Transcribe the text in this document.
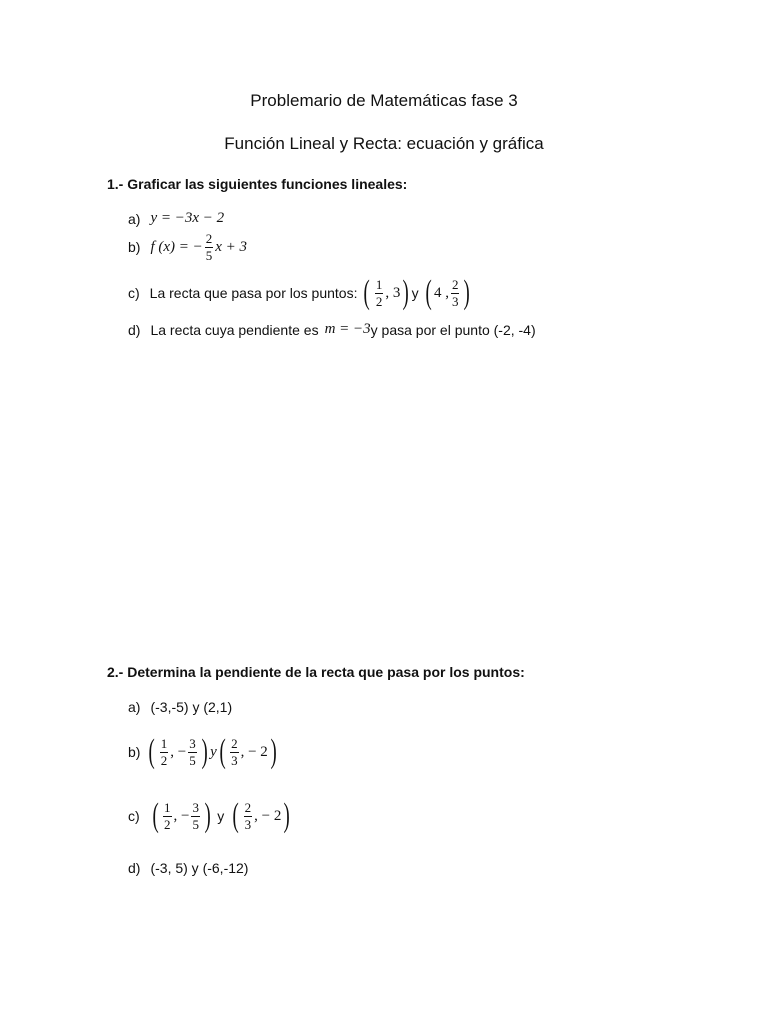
Problemario de Matemáticas fase 3
Función Lineal y Recta: ecuación y gráfica
1.- Graficar las siguientes funciones lineales:
a) y = −3x − 2
b) f (x) = − $\frac{2}{5}$ x + 3
c) La recta que pasa por los puntos: ( $\frac{1}{2}$ , 3 ) y ( 4 , $\frac{2}{3}$ )
d) La recta cuya pendiente es m = −3 y pasa por el punto (-2, -4)
2.- Determina la pendiente de la recta que pasa por los puntos:
a) (-3,-5) y (2,1)
b) ( $\frac{1}{2}$ , − $\frac{3}{5}$ ) y ( $\frac{2}{3}$ , − 2 )
c) ( $\frac{1}{2}$ , − $\frac{3}{5}$ ) y ( $\frac{2}{3}$ , − 2 )
d) (-3, 5) y (-6,-12)
